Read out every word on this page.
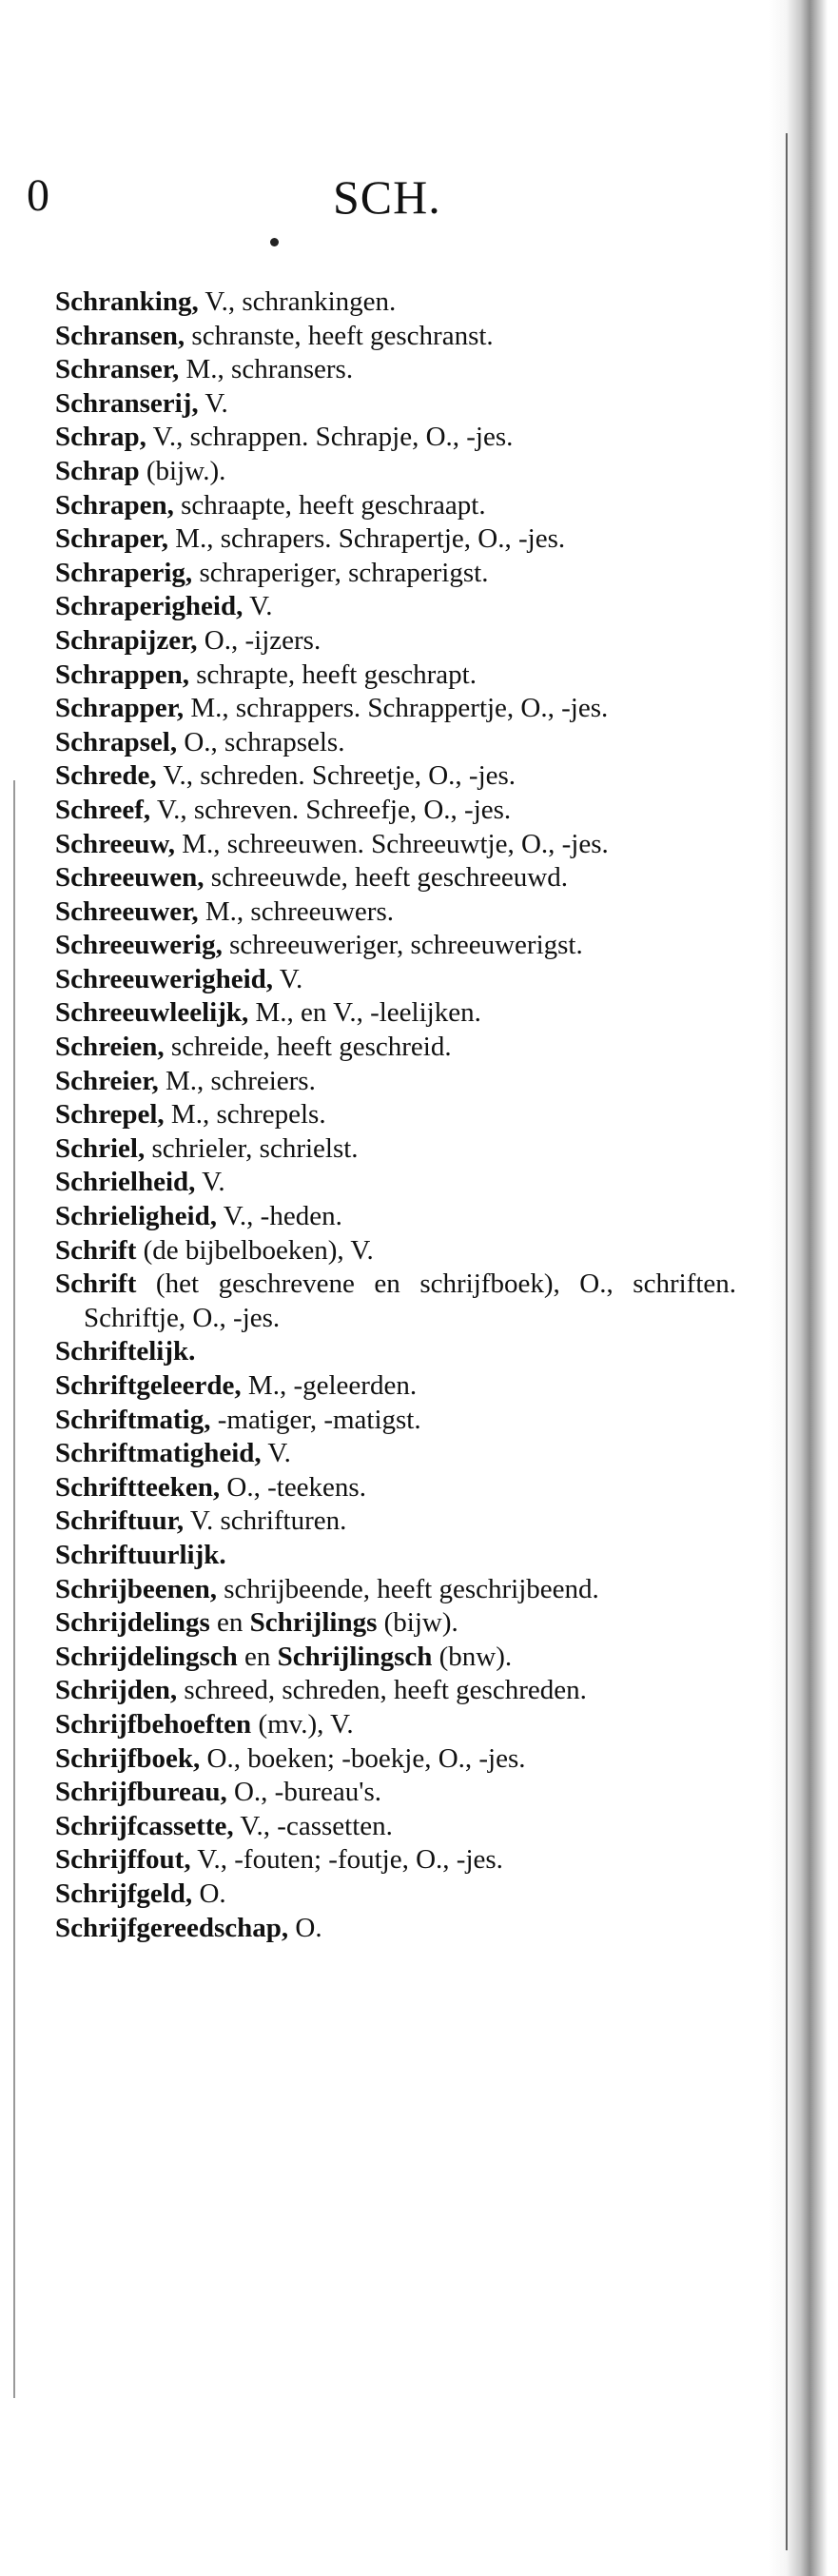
0	SCH.
Schranking, V., schrankingen.
Schransen, schranste, heeft geschranst.
Schranser, M., schransers.
Schranserij, V.
Schrap, V., schrappen. Schrapje, O., -jes.
Schrap (bijw.).
Schrapen, schraapte, heeft geschraapt.
Schraper, M., schrapers. Schrapertje, O., -jes.
Schraperig, schraperiger, schraperigst.
Schraperigheid, V.
Schrapijzer, O., -ijzers.
Schrappen, schrapte, heeft geschrapt.
Schrapper, M., schrappers. Schrappertje, O., -jes.
Schrapsel, O., schrapsels.
Schrede, V., schreden. Schreetje, O., -jes.
Schreef, V., schreven. Schreefje, O., -jes.
Schreeuw, M., schreeuwen. Schreeuwtje, O., -jes.
Schreeuwen, schreeuwde, heeft geschreeuwd.
Schreeuwer, M., schreeuwers.
Schreeuwerig, schreeuweriger, schreeuwerigst.
Schreeuwerigheid, V.
Schreeuwleelijk, M., en V., -leelijken.
Schreien, schreide, heeft geschreid.
Schreier, M., schreiers.
Schrepel, M., schrepels.
Schriel, schrieler, schrielst.
Schrielheid, V.
Schrieligheid, V., -heden.
Schrift (de bijbelboeken), V.
Schrift (het geschrevene en schrijfboek), O., schriften. Schriftje, O., -jes.
Schriftelijk.
Schriftgeleerde, M., -geleerden.
Schriftmatig, -matiger, -matigst.
Schriftmatigheid, V.
Schriftteeken, O., -teekens.
Schriftuur, V. schrifturen.
Schriftuurlijk.
Schrijbeenen, schrijbeende, heeft geschrijbeend.
Schrijdelings en Schrijlings (bijw).
Schrijdelingsch en Schrijlingsch (bnw).
Schrijden, schreed, schreden, heeft geschreden.
Schrijfbehoeften (mv.), V.
Schrijfboek, O., boeken; -boekje, O., -jes.
Schrijfbureau, O., -bureau's.
Schrijfcassette, V., -cassetten.
Schrijffout, V., -fouten; -foutje, O., -jes.
Schrijfgeld, O.
Schrijfgereedschap, O.
